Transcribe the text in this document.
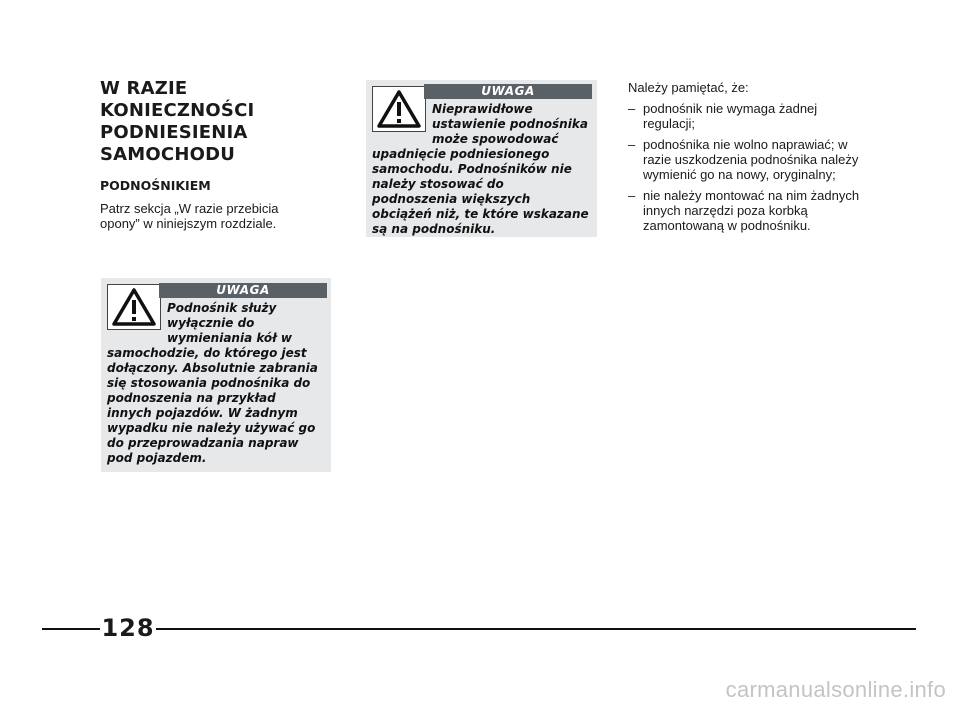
W RAZIE
KONIECZNOŚCI
PODNIESIENIA
SAMOCHODU
PODNOŚNIKIEM

Patrz sekcja „W razie przebicia opony” w niniejszym rozdziale.

UWAGA
Podnośnik służy wyłącznie do wymieniania kół w samochodzie, do którego jest dołączony. Absolutnie zabrania się stosowania podnośnika do podnoszenia na przykład innych pojazdów. W żadnym wypadku nie należy używać go do przeprowadzania napraw pod pojazdem.
UWAGA
Nieprawidłowe ustawienie podnośnika może spowodować upadnięcie podniesionego samochodu. Podnośników nie należy stosować do podnoszenia większych obciążeń niż, te które wskazane są na podnośniku.

Należy pamiętać, że:

– podnośnik nie wymaga żadnej regulacji;
– podnośnika nie wolno naprawiać; w razie uszkodzenia podnośnika należy wymienić go na nowy, oryginalny;
– nie należy montować na nim żadnych innych narzędzi poza korbką zamontowaną w podnośniku.
128
carmanualsonline.info
